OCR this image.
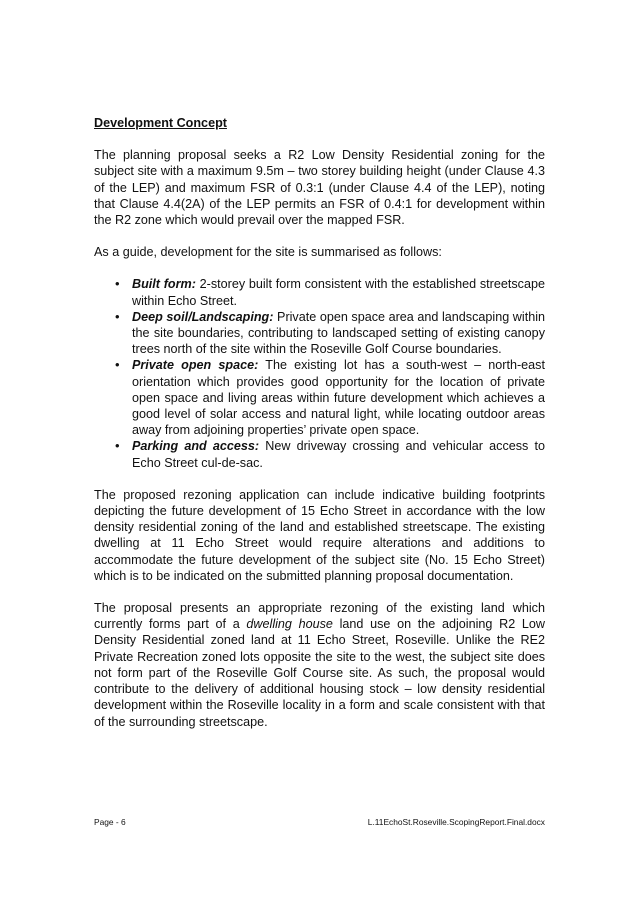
Development Concept

The planning proposal seeks a R2 Low Density Residential zoning for the subject site with a maximum 9.5m – two storey building height (under Clause 4.3 of the LEP) and maximum FSR of 0.3:1 (under Clause 4.4 of the LEP), noting that Clause 4.4(2A) of the LEP permits an FSR of 0.4:1 for development within the R2 zone which would prevail over the mapped FSR.

As a guide, development for the site is summarised as follows:

• Built form: 2-storey built form consistent with the established streetscape within Echo Street.
• Deep soil/Landscaping: Private open space area and landscaping within the site boundaries, contributing to landscaped setting of existing canopy trees north of the site within the Roseville Golf Course boundaries.
• Private open space: The existing lot has a south-west – north-east orientation which provides good opportunity for the location of private open space and living areas within future development which achieves a good level of solar access and natural light, while locating outdoor areas away from adjoining properties’ private open space.
• Parking and access: New driveway crossing and vehicular access to Echo Street cul-de-sac.

The proposed rezoning application can include indicative building footprints depicting the future development of 15 Echo Street in accordance with the low density residential zoning of the land and established streetscape. The existing dwelling at 11 Echo Street would require alterations and additions to accommodate the future development of the subject site (No. 15 Echo Street) which is to be indicated on the submitted planning proposal documentation.

The proposal presents an appropriate rezoning of the existing land which currently forms part of a dwelling house land use on the adjoining R2 Low Density Residential zoned land at 11 Echo Street, Roseville. Unlike the RE2 Private Recreation zoned lots opposite the site to the west, the subject site does not form part of the Roseville Golf Course site. As such, the proposal would contribute to the delivery of additional housing stock – low density residential development within the Roseville locality in a form and scale consistent with that of the surrounding streetscape.

Page - 6	L.11EchoSt.Roseville.ScopingReport.Final.docx
